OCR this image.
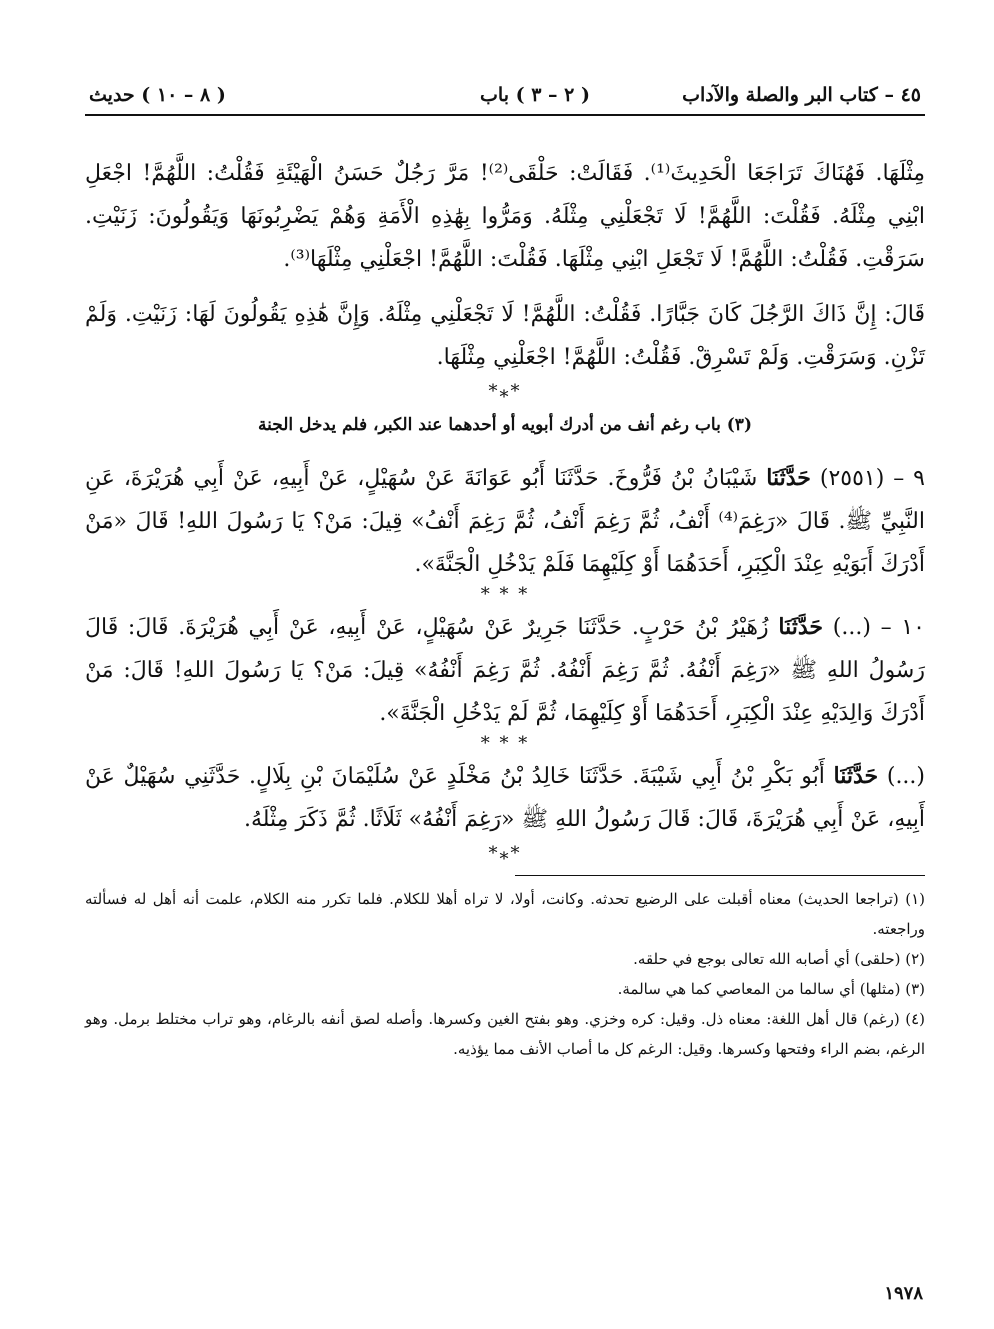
٤٥ – كتاب البر والصلة والآداب
( ٢ – ٣ ) باب
( ٨ – ١٠ ) حديث

مِثْلَهَا. فَهُنَاكَ تَرَاجَعَا الْحَدِيثَ⁽¹⁾. فَقَالَتْ: حَلْقَى⁽²⁾! مَرَّ رَجُلٌ حَسَنُ الْهَيْئَةِ فَقُلْتُ: اللَّهُمَّ! اجْعَلِ ابْنِي مِثْلَهُ. فَقُلْتَ: اللَّهُمَّ! لَا تَجْعَلْنِي مِثْلَهُ. وَمَرُّوا بِهَٰذِهِ الْأَمَةِ وَهُمْ يَضْرِبُونَهَا وَيَقُولُونَ: زَنَيْتِ. سَرَقْتِ. فَقُلْتُ: اللَّهُمَّ! لَا تَجْعَلِ ابْنِي مِثْلَهَا. فَقُلْتَ: اللَّهُمَّ! اجْعَلْنِي مِثْلَهَا⁽³⁾.

قَالَ: إِنَّ ذَاكَ الرَّجُلَ كَانَ جَبَّارًا. فَقُلْتُ: اللَّهُمَّ! لَا تَجْعَلْنِي مِثْلَهُ. وَإِنَّ هَٰذِهِ يَقُولُونَ لَهَا: زَنَيْتِ. وَلَمْ تَزْنِ. وَسَرَقْتِ. وَلَمْ تَسْرِقْ. فَقُلْتُ: اللَّهُمَّ! اجْعَلْنِي مِثْلَهَا.

*⁎*
(٣) باب رغم أنف من أدرك أبويه أو أحدهما عند الكبر، فلم يدخل الجنة

٩ – (٢٥٥١) حَدَّثَنَا شَيْبَانُ بْنُ فَرُّوخَ. حَدَّثَنَا أَبُو عَوَانَةَ عَنْ سُهَيْلٍ، عَنْ أَبِيهِ، عَنْ أَبِي هُرَيْرَةَ، عَنِ النَّبِيِّ ﷺ. قَالَ «رَغِمَ⁽⁴⁾ أَنْفُ، ثُمَّ رَغِمَ أَنْفُ، ثُمَّ رَغِمَ أَنْفُ» قِيلَ: مَنْ؟ يَا رَسُولَ اللهِ! قَالَ «مَنْ أَدْرَكَ أَبَوَيْهِ عِنْدَ الْكِبَرِ، أَحَدَهُمَا أَوْ كِلَيْهِمَا فَلَمْ يَدْخُلِ الْجَنَّةَ».

* * *

١٠ – (...) حَدَّثَنَا زُهَيْرُ بْنُ حَرْبٍ. حَدَّثَنَا جَرِيرٌ عَنْ سُهَيْلٍ، عَنْ أَبِيهِ، عَنْ أَبِي هُرَيْرَةَ. قَالَ: قَالَ رَسُولُ اللهِ ﷺ «رَغِمَ أَنْفُهُ. ثُمَّ رَغِمَ أَنْفُهُ. ثُمَّ رَغِمَ أَنْفُهُ» قِيلَ: مَنْ؟ يَا رَسُولَ اللهِ! قَالَ: مَنْ أَدْرَكَ وَالِدَيْهِ عِنْدَ الْكِبَرِ، أَحَدَهُمَا أَوْ كِلَيْهِمَا، ثُمَّ لَمْ يَدْخُلِ الْجَنَّةَ».

* * *

(...) حَدَّثَنَا أَبُو بَكْرِ بْنُ أَبِي شَيْبَةَ. حَدَّثَنَا خَالِدُ بْنُ مَخْلَدٍ عَنْ سُلَيْمَانَ بْنِ بِلَالٍ. حَدَّثَنِي سُهَيْلٌ عَنْ أَبِيهِ، عَنْ أَبِي هُرَيْرَةَ، قَالَ: قَالَ رَسُولُ اللهِ ﷺ «رَغِمَ أَنْفُهُ» ثَلَاثًا. ثُمَّ ذَكَرَ مِثْلَهُ.

*⁎*

(١) (تراجعا الحديث) معناه أقبلت على الرضيع تحدثه. وكانت، أولا، لا تراه أهلا للكلام. فلما تكرر منه الكلام، علمت أنه أهل له فسألته وراجعته.

(٢) (حلقى) أي أصابه الله تعالى بوجع في حلقه.

(٣) (مثلها) أي سالما من المعاصي كما هي سالمة.

(٤) (رغم) قال أهل اللغة: معناه ذل. وقيل: كره وخزي. وهو بفتح الغين وكسرها. وأصله لصق أنفه بالرغام، وهو تراب مختلط برمل. وهو الرغم، بضم الراء وفتحها وكسرها. وقيل: الرغم كل ما أصاب الأنف مما يؤذيه.

١٩٧٨
